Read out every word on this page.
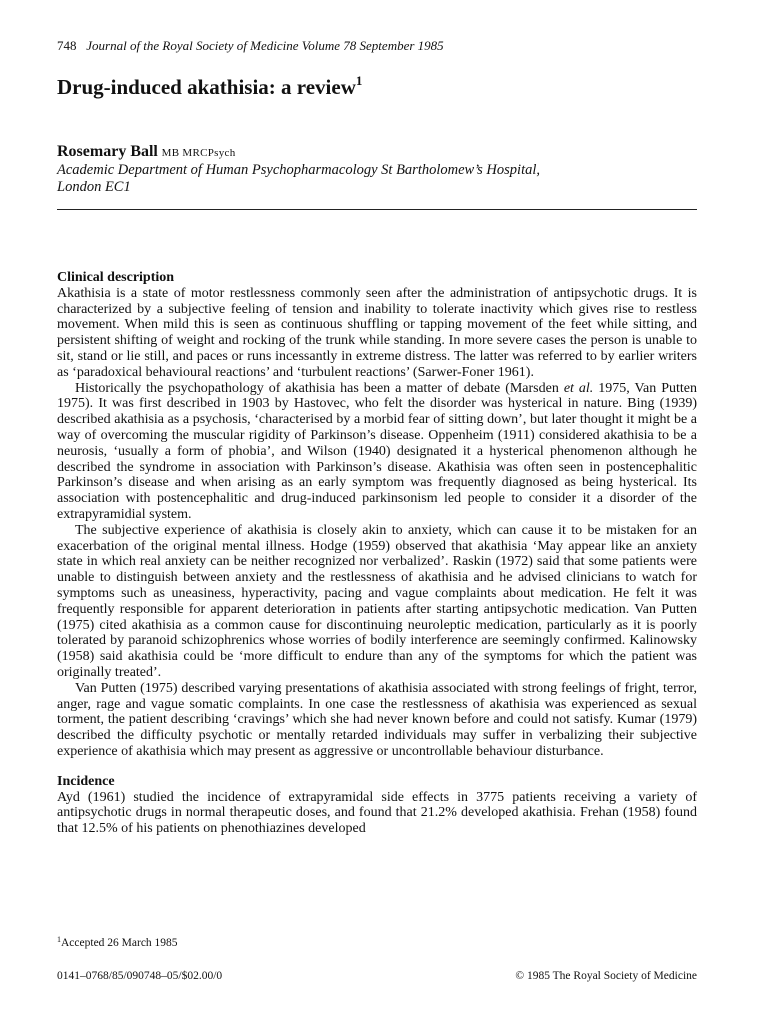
748 Journal of the Royal Society of Medicine Volume 78 September 1985
Drug-induced akathisia: a review$^1$
Rosemary Ball MB MRCPsych
Academic Department of Human Psychopharmacology St Bartholomew’s Hospital,
London EC1
Clinical description

Akathisia is a state of motor restlessness commonly seen after the administration of antipsychotic drugs. It is characterized by a subjective feeling of tension and inability to tolerate inactivity which gives rise to restless movement. When mild this is seen as continuous shuffling or tapping movement of the feet while sitting, and persistent shifting of weight and rocking of the trunk while standing. In more severe cases the person is unable to sit, stand or lie still, and paces or runs incessantly in extreme distress. The latter was referred to by earlier writers as ‘paradoxical behavioural reactions’ and ‘turbulent reactions’ (Sarwer-Foner 1961).

Historically the psychopathology of akathisia has been a matter of debate (Marsden et al. 1975, Van Putten 1975). It was first described in 1903 by Hastovec, who felt the disorder was hysterical in nature. Bing (1939) described akathisia as a psychosis, ‘characterised by a morbid fear of sitting down’, but later thought it might be a way of overcoming the muscular rigidity of Parkinson’s disease. Oppenheim (1911) considered akathisia to be a neurosis, ‘usually a form of phobia’, and Wilson (1940) designated it a hysterical phenomenon although he described the syndrome in association with Parkinson’s disease. Akathisia was often seen in postencephalitic Parkinson’s disease and when arising as an early symptom was frequently diagnosed as being hysterical. Its association with postencephalitic and drug-induced parkinsonism led people to consider it a disorder of the extrapyramidial system.

The subjective experience of akathisia is closely akin to anxiety, which can cause it to be mistaken for an exacerbation of the original mental illness. Hodge (1959) observed that akathisia ‘May appear like an anxiety state in which real anxiety can be neither recognized nor verbalized’. Raskin (1972) said that some patients were unable to distinguish between anxiety and the restlessness of akathisia and he advised clinicians to watch for symptoms such as uneasiness, hyperactivity, pacing and vague complaints about medication. He felt it was frequently responsible for apparent deterioration in patients after starting antipsychotic medication. Van Putten (1975) cited akathisia as a common cause for discontinuing neuroleptic medication, particularly as it is poorly tolerated by paranoid schizophrenics whose worries of bodily interference are seemingly confirmed. Kalinowsky (1958) said akathisia could be ‘more difficult to endure than any of the symptoms for which the patient was originally treated’.

Van Putten (1975) described varying presentations of akathisia associated with strong feelings of fright, terror, anger, rage and vague somatic complaints. In one case the restlessness of akathisia was experienced as sexual torment, the patient describing ‘cravings’ which she had never known before and could not satisfy. Kumar (1979) described the difficulty psychotic or mentally retarded individuals may suffer in verbalizing their subjective experience of akathisia which may present as aggressive or uncontrollable behaviour disturbance.

Incidence

Ayd (1961) studied the incidence of extrapyramidal side effects in 3775 patients receiving a variety of antipsychotic drugs in normal therapeutic doses, and found that 21.2% developed akathisia. Frehan (1958) found that 12.5% of his patients on phenothiazines developed

$^1$Accepted 26 March 1985
0141–0768/85/090748–05/$02.00/0	© 1985 The Royal Society of Medicine
